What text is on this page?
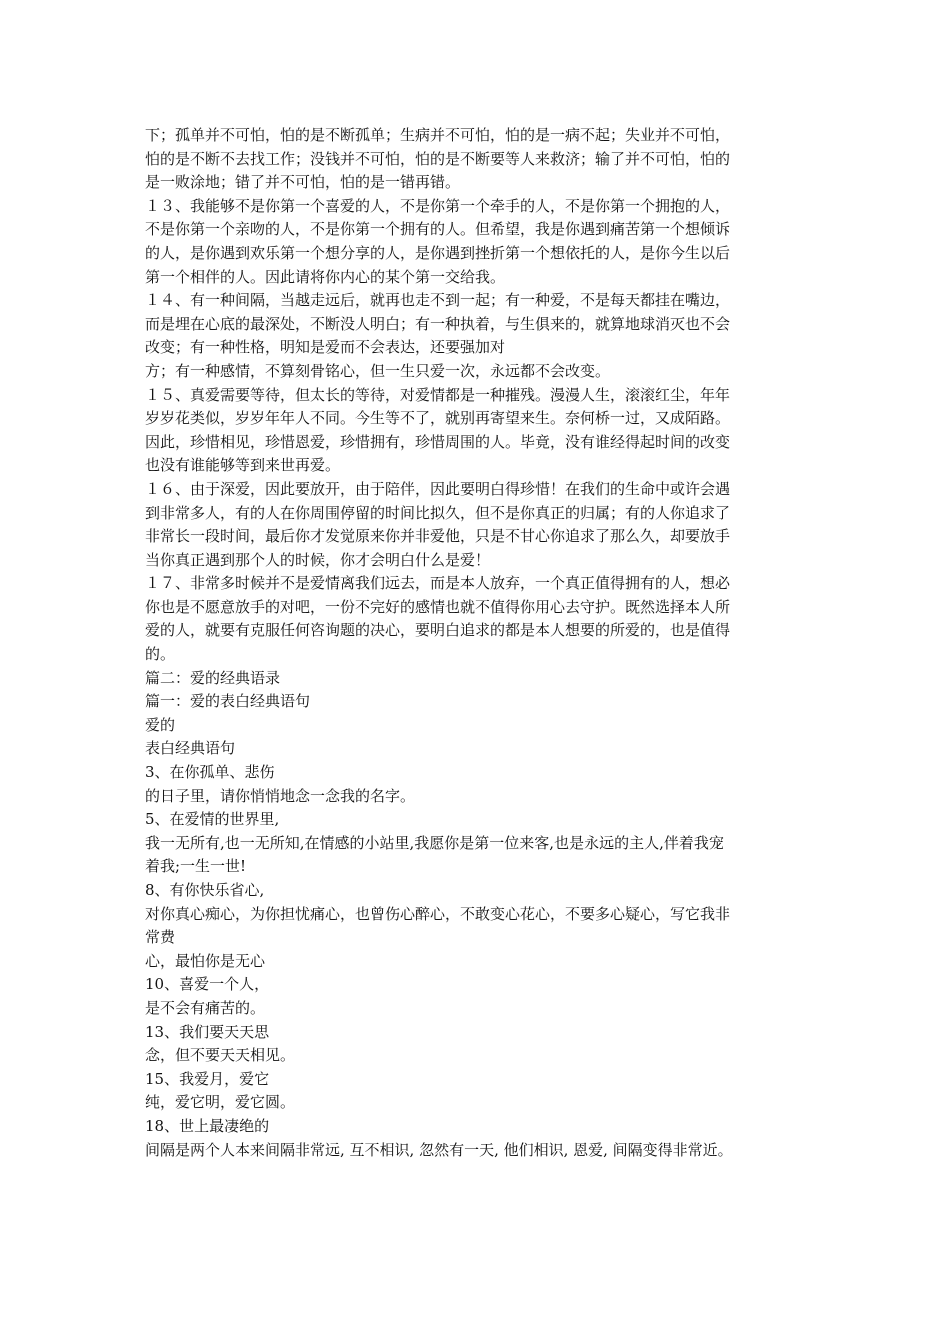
下；孤单并不可怕，怕的是不断孤单；生病并不可怕，怕的是一病不起；失业并不可怕，
怕的是不断不去找工作；没钱并不可怕，怕的是不断要等人来救济；输了并不可怕，怕的
是一败涂地；错了并不可怕，怕的是一错再错。
１３、我能够不是你第一个喜爱的人，不是你第一个牵手的人，不是你第一个拥抱的人，
不是你第一个亲吻的人，不是你第一个拥有的人。但希望，我是你遇到痛苦第一个想倾诉
的人，是你遇到欢乐第一个想分享的人，是你遇到挫折第一个想依托的人，是你今生以后
第一个相伴的人。因此请将你内心的某个第一交给我。
１４、有一种间隔，当越走远后，就再也走不到一起；有一种爱，不是每天都挂在嘴边，
而是埋在心底的最深处，不断没人明白；有一种执着，与生俱来的，就算地球消灭也不会
改变；有一种性格，明知是爱而不会表达，还要强加对
方；有一种感情，不算刻骨铭心，但一生只爱一次，永远都不会改变。
１５、真爱需要等待，但太长的等待，对爱情都是一种摧残。漫漫人生，滚滚红尘，年年
岁岁花类似，岁岁年年人不同。今生等不了，就别再寄望来生。奈何桥一过，又成陌路。
因此，珍惜相见，珍惜恩爱，珍惜拥有，珍惜周围的人。毕竟，没有谁经得起时间的改变
也没有谁能够等到来世再爱。
１６、由于深爱，因此要放开，由于陪伴，因此要明白得珍惜！在我们的生命中或许会遇
到非常多人，有的人在你周围停留的时间比拟久，但不是你真正的归属；有的人你追求了
非常长一段时间，最后你才发觉原来你并非爱他，只是不甘心你追求了那么久，却要放手
当你真正遇到那个人的时候，你才会明白什么是爱！
１７、非常多时候并不是爱情离我们远去，而是本人放弃，一个真正值得拥有的人，想必
你也是不愿意放手的对吧，一份不完好的感情也就不值得你用心去守护。既然选择本人所
爱的人，就要有克服任何咨询题的决心，要明白追求的都是本人想要的所爱的，也是值得
的。
篇二：爱的经典语录
篇一：爱的表白经典语句
爱的
表白经典语句
3、在你孤单、悲伤
的日子里，请你悄悄地念一念我的名字。
5、在爱情的世界里,
我一无所有,也一无所知,在情感的小站里,我愿你是第一位来客,也是永远的主人,伴着我宠
着我;一生一世!
8、有你快乐省心,
对你真心痴心，为你担忧痛心，也曾伤心醉心，不敢变心花心，不要多心疑心，写它我非
常费
心，最怕你是无心
10、喜爱一个人，
是不会有痛苦的。
13、我们要天天思
念，但不要天天相见。
15、我爱月，爱它
纯，爱它明，爱它圆。
18、世上最凄绝的
间隔是两个人本来间隔非常远, 互不相识, 忽然有一天, 他们相识, 恩爱, 间隔变得非常近。
